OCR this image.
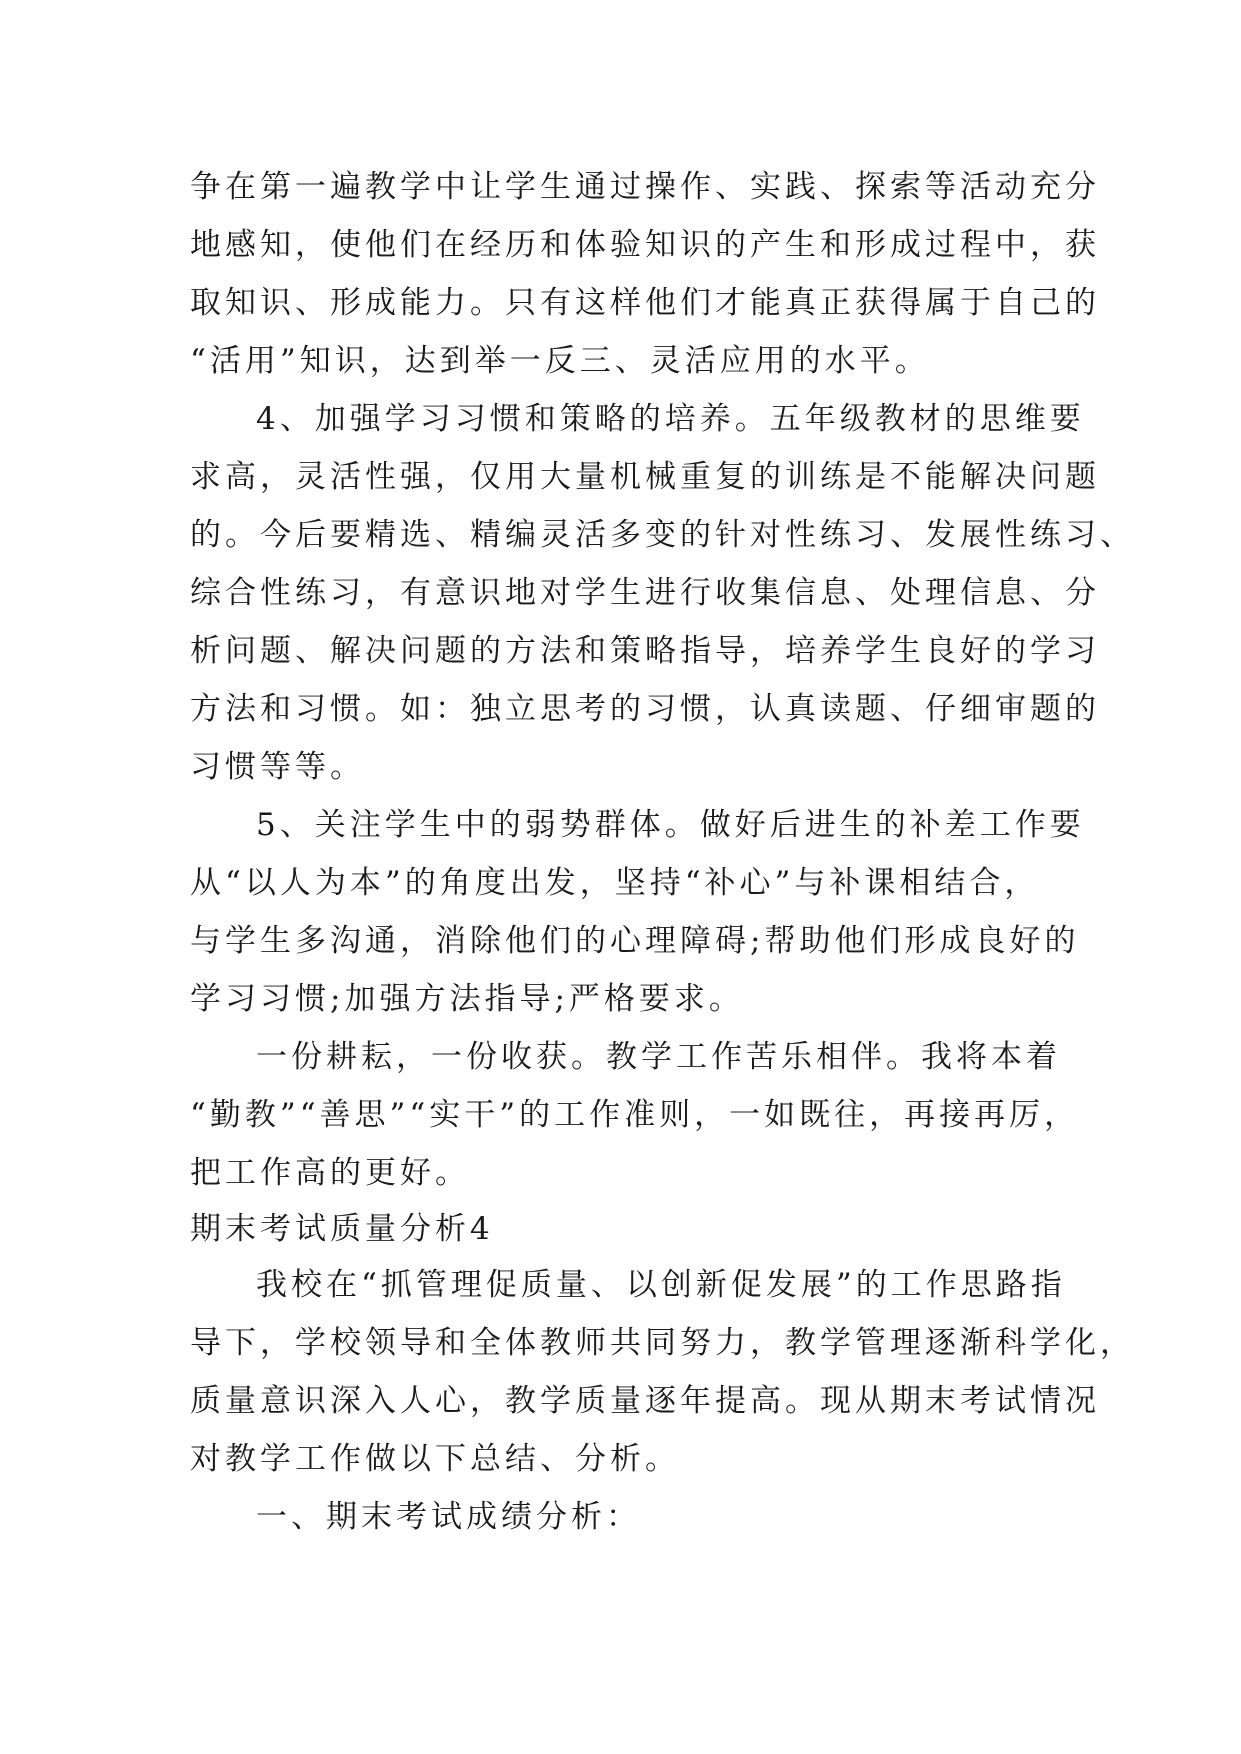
争在第一遍教学中让学生通过操作、实践、探索等活动充分
地感知，使他们在经历和体验知识的产生和形成过程中，获
取知识、形成能力。只有这样他们才能真正获得属于自己的
“活用”知识，达到举一反三、灵活应用的水平。
4、加强学习习惯和策略的培养。五年级教材的思维要
求高，灵活性强，仅用大量机械重复的训练是不能解决问题
的。今后要精选、精编灵活多变的针对性练习、发展性练习、
综合性练习，有意识地对学生进行收集信息、处理信息、分
析问题、解决问题的方法和策略指导，培养学生良好的学习
方法和习惯。如：独立思考的习惯，认真读题、仔细审题的
习惯等等。
5、关注学生中的弱势群体。做好后进生的补差工作要
从“以人为本”的角度出发，坚持“补心”与补课相结合，
与学生多沟通，消除他们的心理障碍;帮助他们形成良好的
学习习惯;加强方法指导;严格要求。
一份耕耘，一份收获。教学工作苦乐相伴。我将本着
“勤教”“善思”“实干”的工作准则，一如既往，再接再厉，
把工作高的更好。
期末考试质量分析4
我校在“抓管理促质量、以创新促发展”的工作思路指
导下，学校领导和全体教师共同努力，教学管理逐渐科学化，
质量意识深入人心，教学质量逐年提高。现从期末考试情况
对教学工作做以下总结、分析。
一、期末考试成绩分析：
